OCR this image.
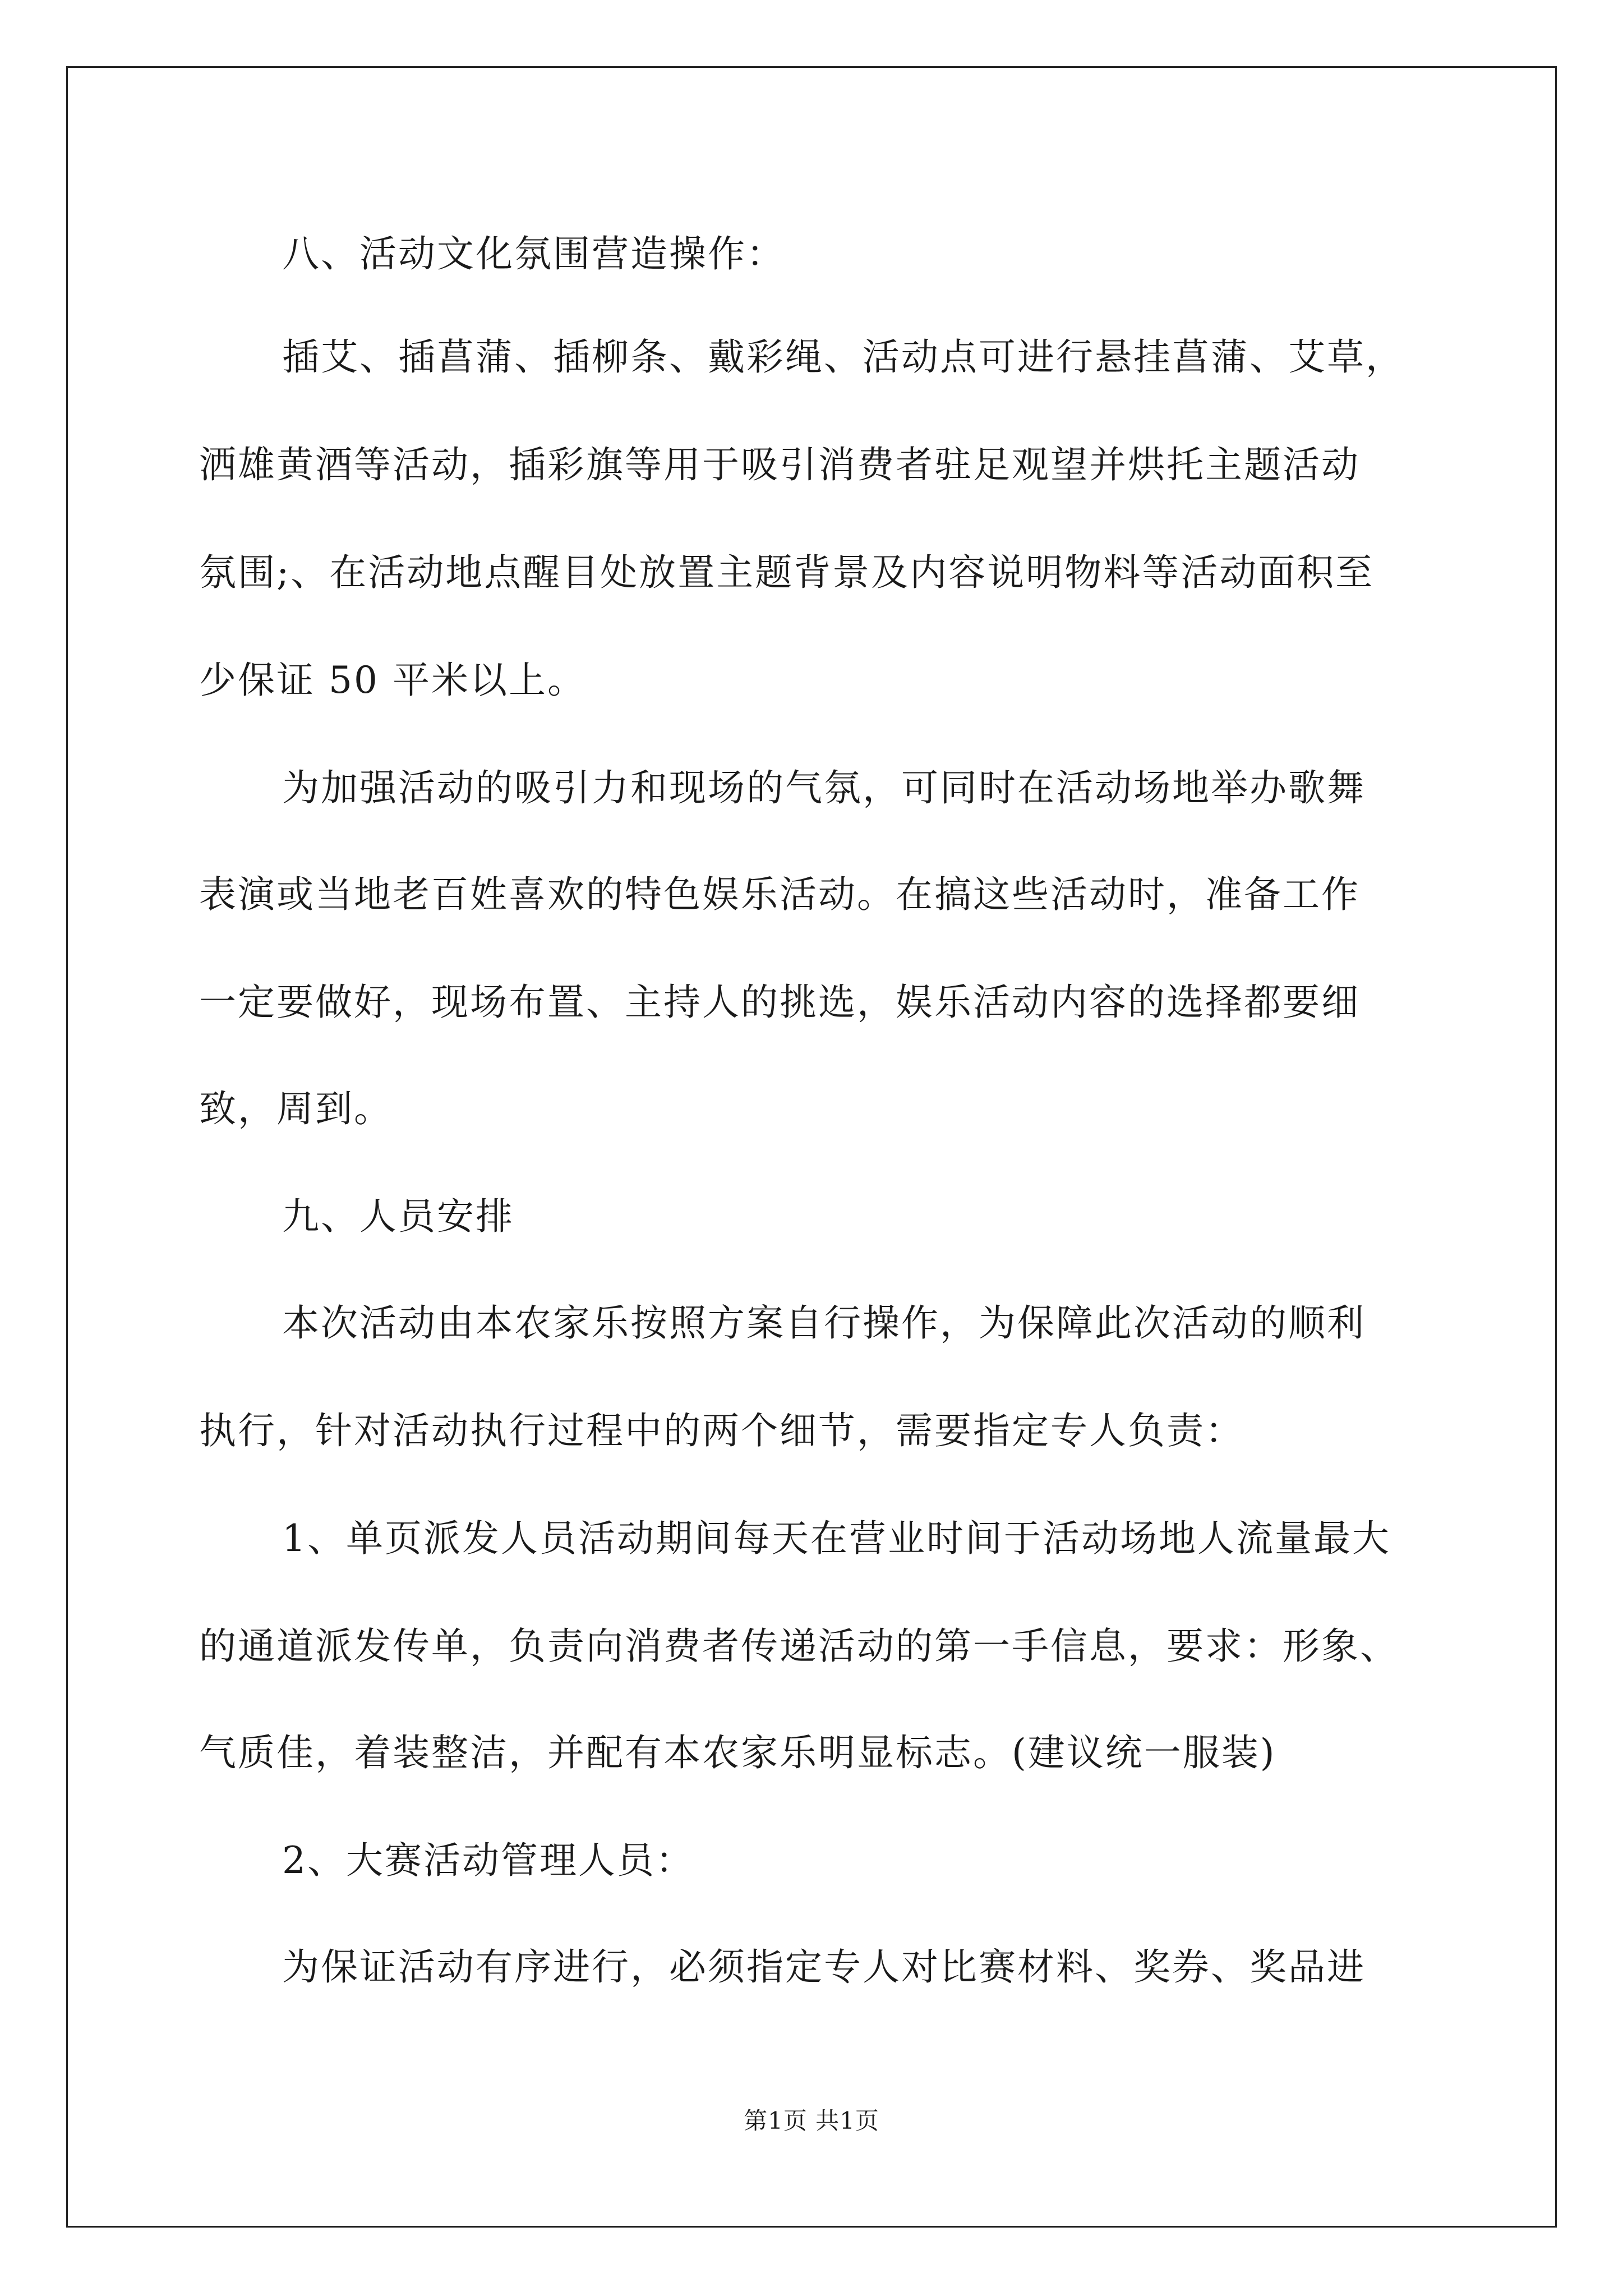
八、活动文化氛围营造操作：
插艾、插菖蒲、插柳条、戴彩绳、活动点可进行悬挂菖蒲、艾草，
洒雄黄酒等活动，插彩旗等用于吸引消费者驻足观望并烘托主题活动
氛围;、在活动地点醒目处放置主题背景及内容说明物料等活动面积至
少保证 50 平米以上。
为加强活动的吸引力和现场的气氛，可同时在活动场地举办歌舞
表演或当地老百姓喜欢的特色娱乐活动。在搞这些活动时，准备工作
一定要做好，现场布置、主持人的挑选，娱乐活动内容的选择都要细
致，周到。
九、人员安排
本次活动由本农家乐按照方案自行操作，为保障此次活动的顺利
执行，针对活动执行过程中的两个细节，需要指定专人负责：
1、单页派发人员活动期间每天在营业时间于活动场地人流量最大
的通道派发传单，负责向消费者传递活动的第一手信息，要求：形象、
气质佳，着装整洁，并配有本农家乐明显标志。(建议统一服装)
2、大赛活动管理人员：
为保证活动有序进行，必须指定专人对比赛材料、奖券、奖品进
第1页 共1页
